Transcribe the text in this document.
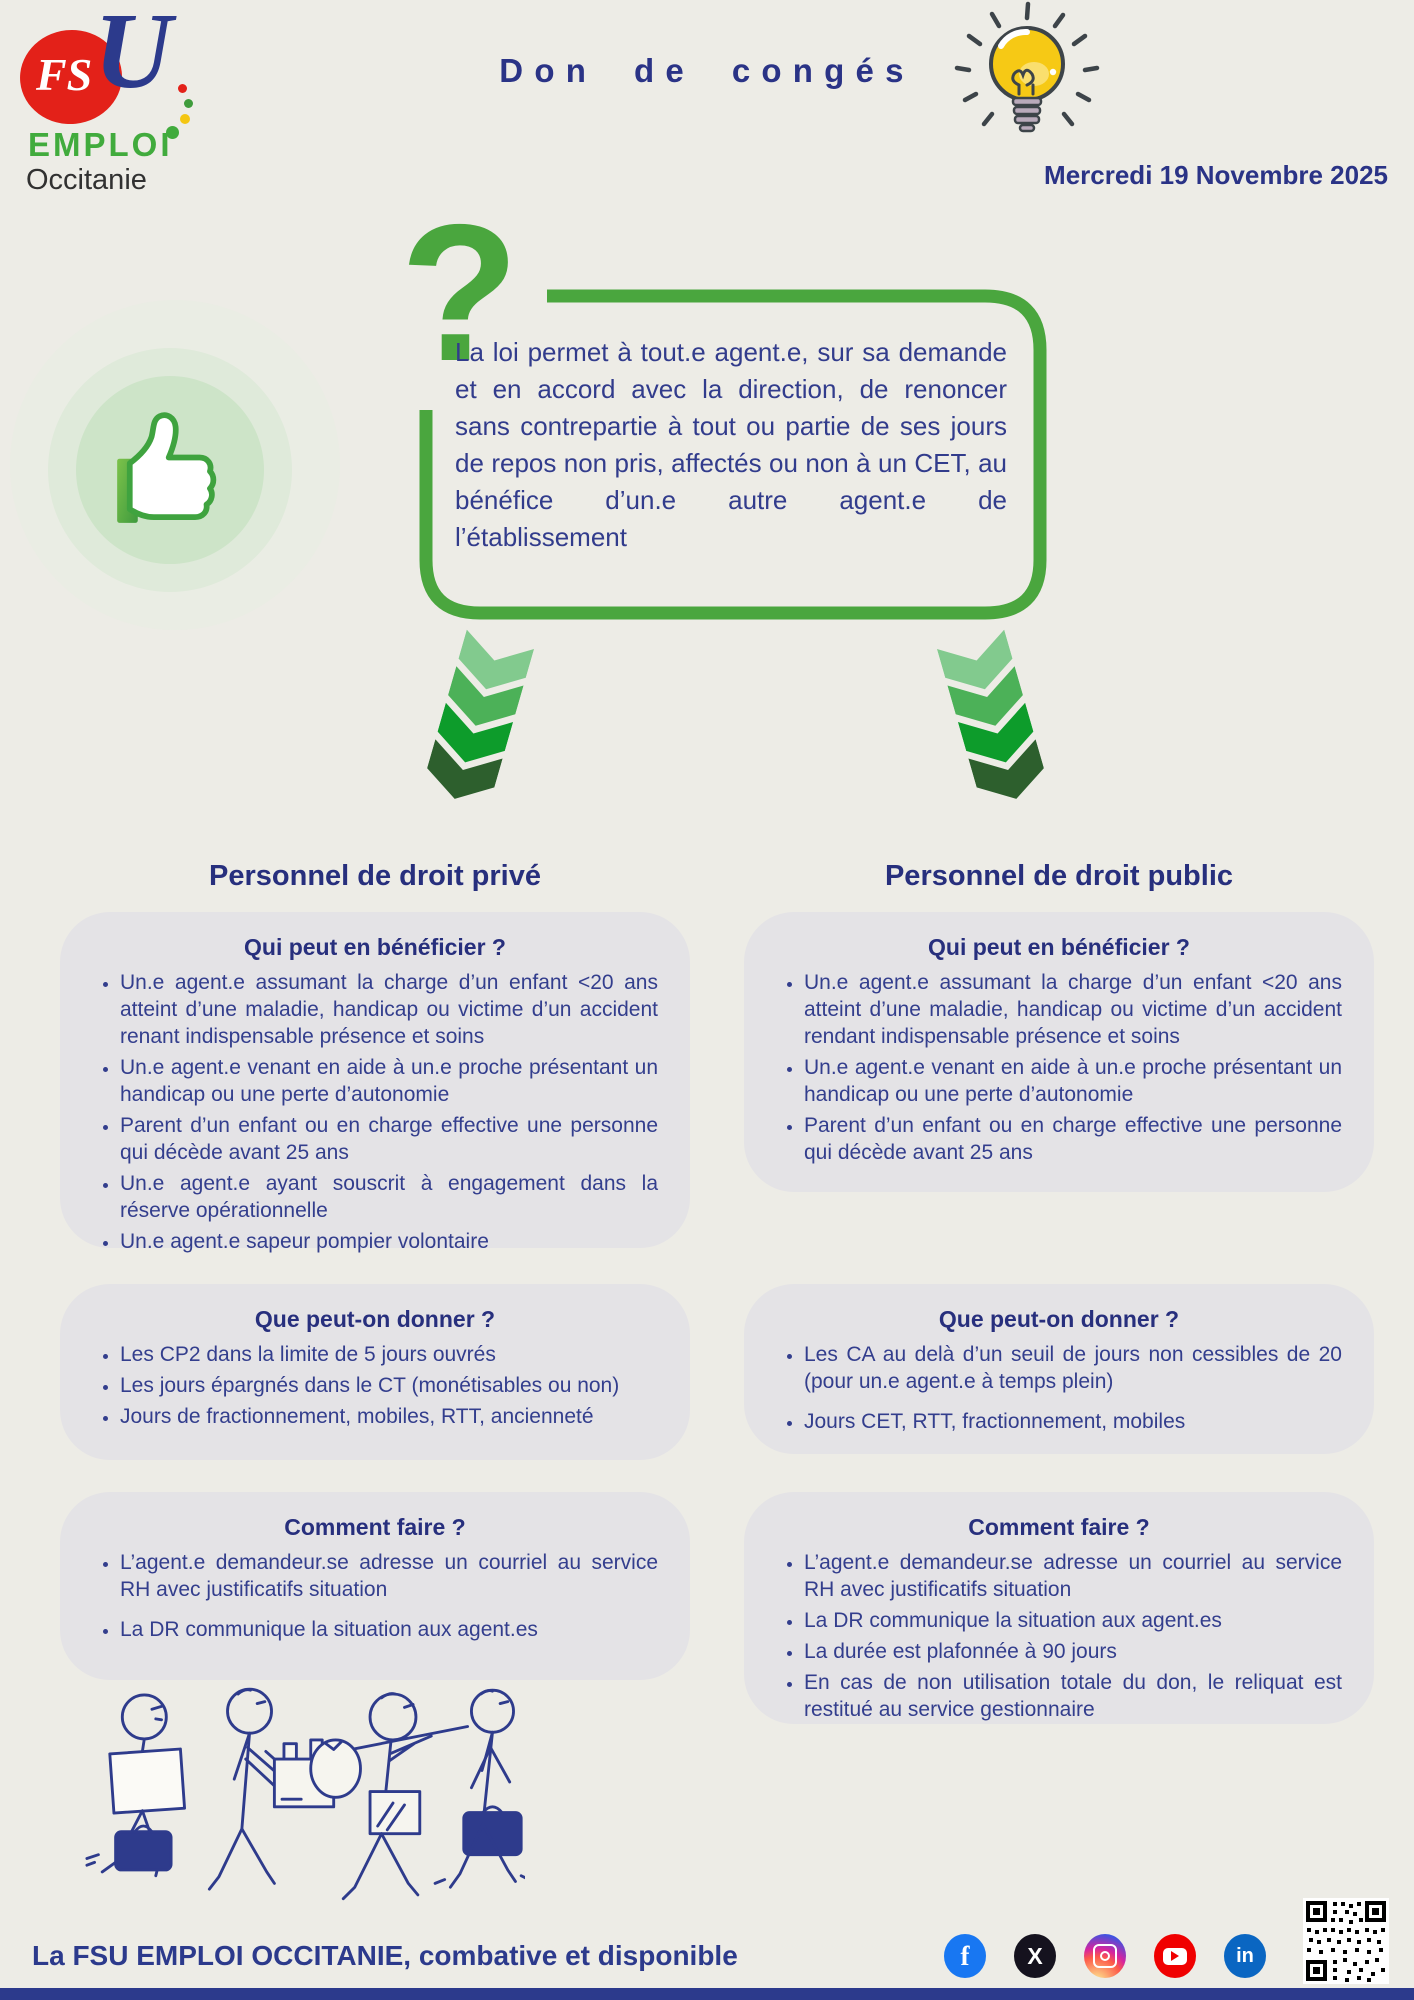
FS U
EMPLOI
Occitanie
Don de congés
Mercredi 19 Novembre 2025
?
La loi permet à tout.e agent.e, sur sa demande et en accord avec la direction, de renoncer sans contrepartie à tout ou partie de ses jours de repos non pris, affectés ou non à un CET, au bénéfice d’un.e autre agent.e de l’établissement
Personnel de droit privé	Personnel de droit public
Qui peut en bénéficier ?
• Un.e agent.e assumant la charge d’un enfant <20 ans atteint d’une maladie, handicap ou victime d’un accident renant indispensable présence et soins
• Un.e agent.e venant en aide à un.e proche présentant un handicap ou une perte d’autonomie
• Parent d’un enfant ou en charge effective une personne qui décède avant 25 ans
• Un.e agent.e ayant souscrit à engagement dans la réserve opérationnelle
• Un.e agent.e sapeur pompier volontaire
Que peut-on donner ?
• Les CP2 dans la limite de 5 jours ouvrés
• Les jours épargnés dans le CT (monétisables ou non)
• Jours de fractionnement, mobiles, RTT, ancienneté
Comment faire ?
• L’agent.e demandeur.se adresse un courriel au service RH avec justificatifs situation
• La DR communique la situation aux agent.es
Qui peut en bénéficier ?
• Un.e agent.e assumant la charge d’un enfant <20 ans atteint d’une maladie, handicap ou victime d’un accident rendant indispensable présence et soins
• Un.e agent.e venant en aide à un.e proche présentant un handicap ou une perte d’autonomie
• Parent d’un enfant ou en charge effective une personne qui décède avant 25 ans
Que peut-on donner ?
• Les CA au delà d’un seuil de jours non cessibles de 20 (pour un.e agent.e à temps plein)
• Jours CET, RTT, fractionnement, mobiles
Comment faire ?
• L’agent.e demandeur.se adresse un courriel au service RH avec justificatifs situation
• La DR communique la situation aux agent.es
• La durée est plafonnée à 90 jours
• En cas de non utilisation totale du don, le reliquat est restitué au service gestionnaire
La FSU EMPLOI OCCITANIE, combative et disponible	f	X	in
